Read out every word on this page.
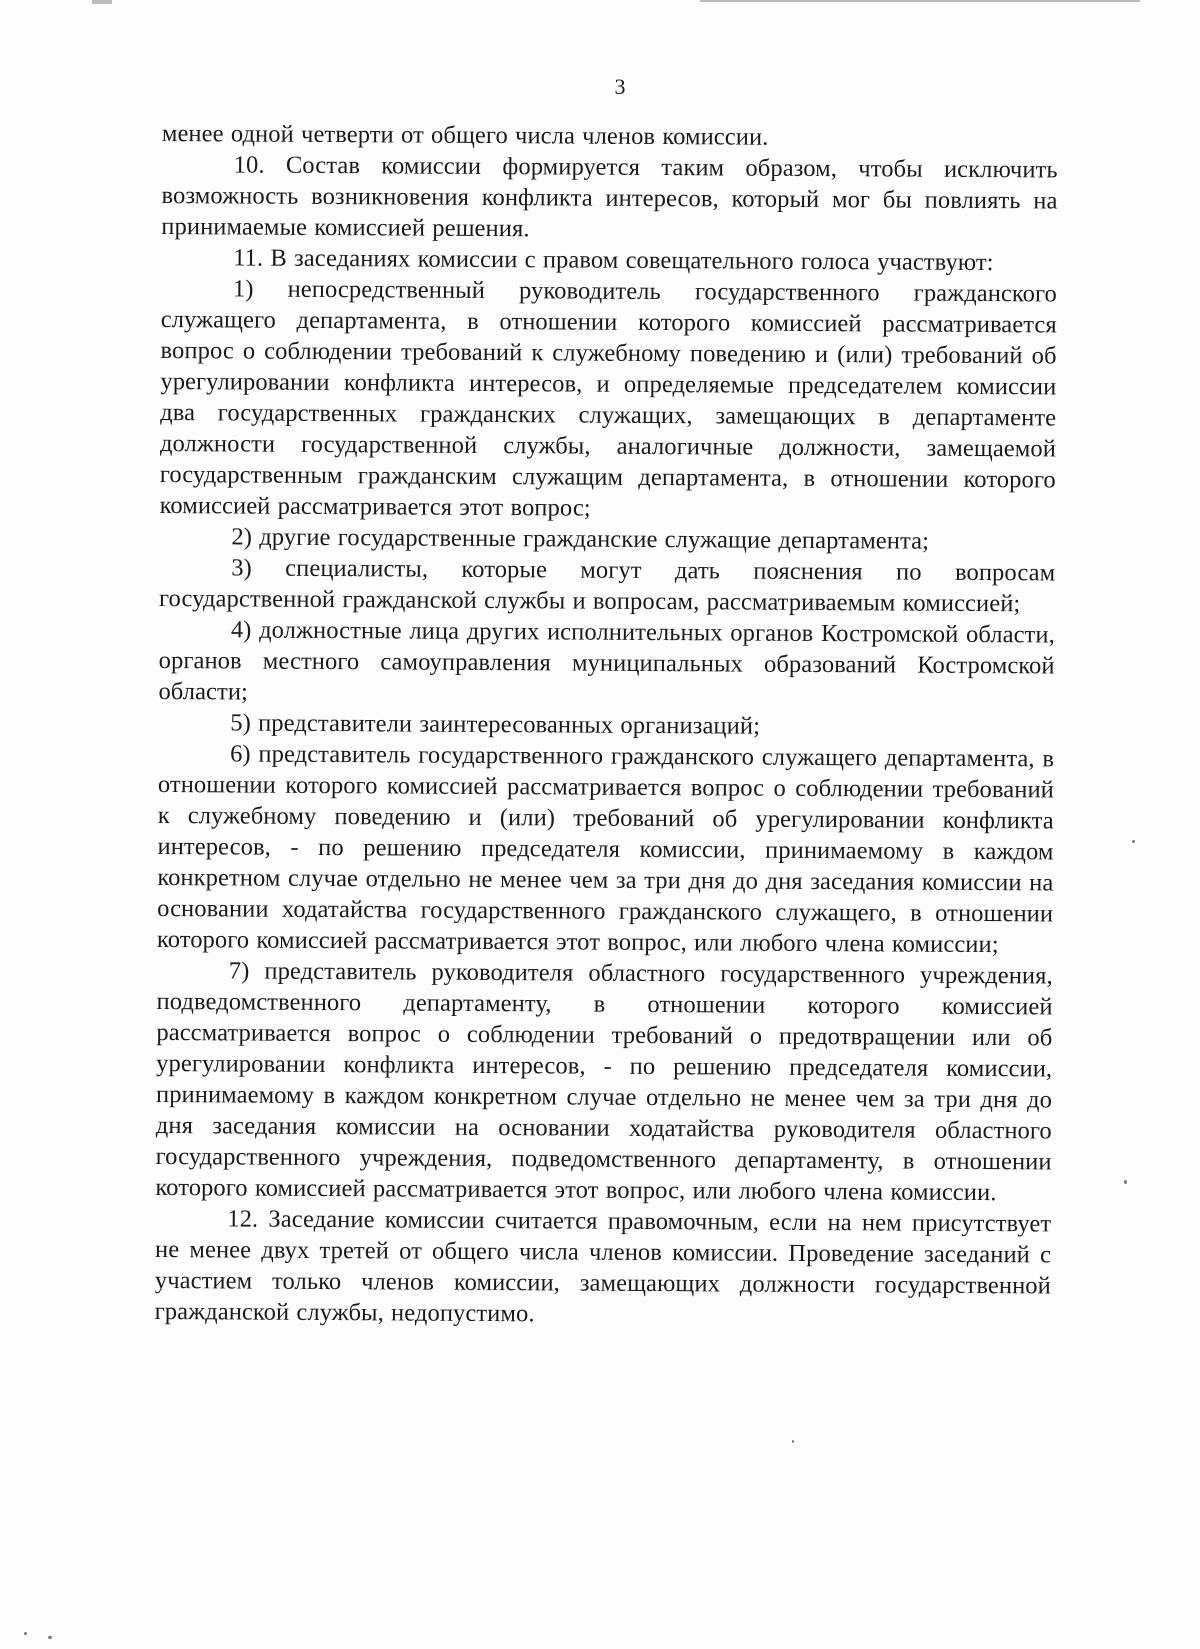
3

менее одной четверти от общего числа членов комиссии.

10. Состав комиссии формируется таким образом, чтобы исключить возможность возникновения конфликта интересов, который мог бы повлиять на принимаемые комиссией решения.

11. В заседаниях комиссии с правом совещательного голоса участвуют:

1) непосредственный руководитель государственного гражданского служащего департамента, в отношении которого комиссией рассматривается вопрос о соблюдении требований к служебному поведению и (или) требований об урегулировании конфликта интересов, и определяемые председателем комиссии два государственных гражданских служащих, замещающих в департаменте должности государственной службы, аналогичные должности, замещаемой государственным гражданским служащим департамента, в отношении которого комиссией рассматривается этот вопрос;

2) другие государственные гражданские служащие департамента;

3) специалисты, которые могут дать пояснения по вопросам государственной гражданской службы и вопросам, рассматриваемым комиссией;

4) должностные лица других исполнительных органов Костромской области, органов местного самоуправления муниципальных образований Костромской области;

5) представители заинтересованных организаций;

6) представитель государственного гражданского служащего департамента, в отношении которого комиссией рассматривается вопрос о соблюдении требований к служебному поведению и (или) требований об урегулировании конфликта интересов, - по решению председателя комиссии, принимаемому в каждом конкретном случае отдельно не менее чем за три дня до дня заседания комиссии на основании ходатайства государственного гражданского служащего, в отношении которого комиссией рассматривается этот вопрос, или любого члена комиссии;

7) представитель руководителя областного государственного учреждения, подведомственного департаменту, в отношении которого комиссией рассматривается вопрос о соблюдении требований о предотвращении или об урегулировании конфликта интересов, - по решению председателя комиссии, принимаемому в каждом конкретном случае отдельно не менее чем за три дня до дня заседания комиссии на основании ходатайства руководителя областного государственного учреждения, подведомственного департаменту, в отношении которого комиссией рассматривается этот вопрос, или любого члена комиссии.

12. Заседание комиссии считается правомочным, если на нем присутствует не менее двух третей от общего числа членов комиссии. Проведение заседаний с участием только членов комиссии, замещающих должности государственной гражданской службы, недопустимо.
